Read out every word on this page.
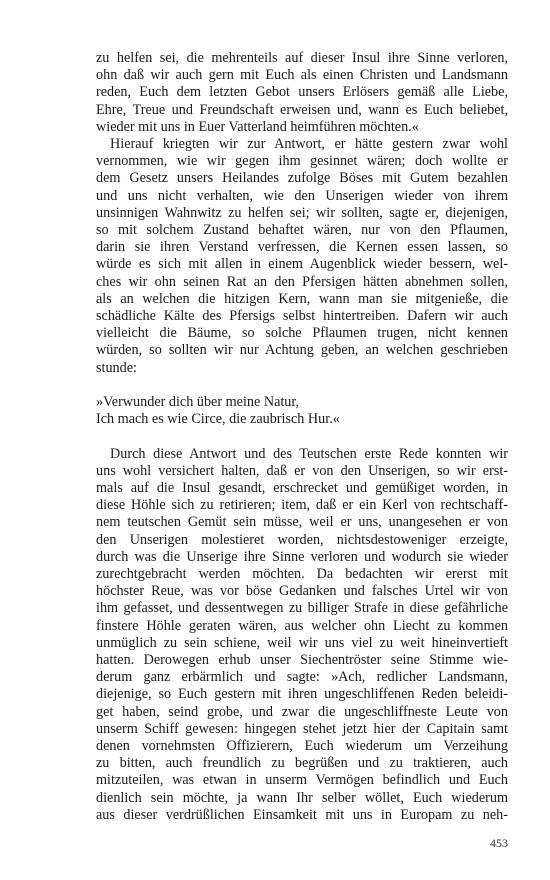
zu helfen sei, die mehrenteils auf dieser Insul ihre Sinne verloren,
ohn daß wir auch gern mit Euch als einen Christen und Landsmann
reden, Euch dem letzten Gebot unsers Erlösers gemäß alle Liebe,
Ehre, Treue und Freundschaft erweisen und, wann es Euch beliebet,
wieder mit uns in Euer Vatterland heimführen möchten.«
Hierauf kriegten wir zur Antwort, er hätte gestern zwar wohl
vernommen, wie wir gegen ihm gesinnet wären; doch wollte er
dem Gesetz unsers Heilandes zufolge Böses mit Gutem bezahlen
und uns nicht verhalten, wie den Unserigen wieder von ihrem
unsinnigen Wahnwitz zu helfen sei; wir sollten, sagte er, diejenigen,
so mit solchem Zustand behaftet wären, nur von den Pflaumen,
darin sie ihren Verstand verfressen, die Kernen essen lassen, so
würde es sich mit allen in einem Augenblick wieder bessern, wel-
ches wir ohn seinen Rat an den Pfersigen hätten abnehmen sollen,
als an welchen die hitzigen Kern, wann man sie mitgenieße, die
schädliche Kälte des Pfersigs selbst hintertreiben. Dafern wir auch
vielleicht die Bäume, so solche Pflaumen trugen, nicht kennen
würden, so sollten wir nur Achtung geben, an welchen geschrieben
stunde:
»Verwunder dich über meine Natur,
Ich mach es wie Circe, die zaubrisch Hur.«
Durch diese Antwort und des Teutschen erste Rede konnten wir
uns wohl versichert halten, daß er von den Unserigen, so wir erst-
mals auf die Insul gesandt, erschrecket und gemüßiget worden, in
diese Höhle sich zu retirieren; item, daß er ein Kerl von rechtschaff-
nem teutschen Gemüt sein müsse, weil er uns, unangesehen er von
den Unserigen molestieret worden, nichtsdestoweniger erzeigte,
durch was die Unserige ihre Sinne verloren und wodurch sie wieder
zurechtgebracht werden möchten. Da bedachten wir ererst mit
höchster Reue, was vor böse Gedanken und falsches Urtel wir von
ihm gefasset, und dessentwegen zu billiger Strafe in diese gefährliche
finstere Höhle geraten wären, aus welcher ohn Liecht zu kommen
unmüglich zu sein schiene, weil wir uns viel zu weit hineinvertieft
hatten. Derowegen erhub unser Siechentröster seine Stimme wie-
derum ganz erbärmlich und sagte: »Ach, redlicher Landsmann,
diejenige, so Euch gestern mit ihren ungeschliffenen Reden beleidi-
get haben, seind grobe, und zwar die ungeschliffneste Leute von
unserm Schiff gewesen: hingegen stehet jetzt hier der Capitain samt
denen vornehmsten Offizierern, Euch wiederum um Verzeihung
zu bitten, auch freundlich zu begrüßen und zu traktieren, auch
mitzuteilen, was etwan in unserm Vermögen befindlich und Euch
dienlich sein möchte, ja wann Ihr selber wöllet, Euch wiederum
aus dieser verdrüßlichen Einsamkeit mit uns in Europam zu neh-
453
